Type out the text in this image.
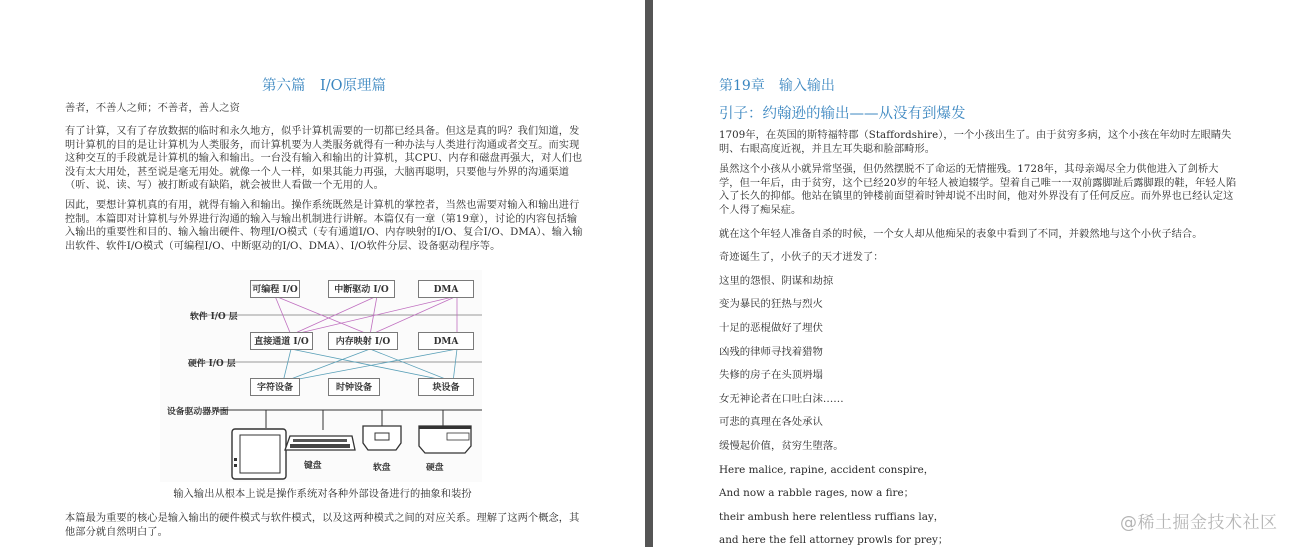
第六篇　I/O原理篇

善者，不善人之师；不善者，善人之资

有了计算，又有了存放数据的临时和永久地方，似乎计算机需要的一切都已经具备。但这是真的吗？我们知道，发明计算机的目的是让计算机为人类服务，而计算机要为人类服务就得有一种办法与人类进行沟通或者交互。而实现这种交互的手段就是计算机的输入和输出。一台没有输入和输出的计算机，其CPU、内存和磁盘再强大，对人们也没有太大用处，甚至说是毫无用处。就像一个人一样，如果其能力再强，大脑再聪明，只要他与外界的沟通渠道（听、说、读、写）被打断或有缺陷，就会被世人看做一个无用的人。

因此，要想计算机真的有用，就得有输入和输出。操作系统既然是计算机的掌控者，当然也需要对输入和输出进行控制。本篇即对计算机与外界进行沟通的输入与输出机制进行讲解。本篇仅有一章（第19章），讨论的内容包括输入输出的重要性和目的、输入输出硬件、物理I/O模式（专有通道I/O、内存映射的I/O、复合I/O、DMA）、输入输出软件、软件I/O模式（可编程I/O、中断驱动的I/O、DMA）、I/O软件分层、设备驱动程序等。

软件 I/O 层
硬件 I/O 层
设备驱动器界面
可编程 I/O	中断驱动 I/O	DMA
直接通道 I/O	内存映射 I/O	DMA
字符设备	时钟设备	块设备
键盘	软盘	硬盘
输入输出从根本上说是操作系统对各种外部设备进行的抽象和装扮

本篇最为重要的核心是输入输出的硬件模式与软件模式，以及这两种模式之间的对应关系。理解了这两个概念，其他部分就自然明白了。

第19章　输入输出
引子：约翰逊的输出——从没有到爆发

1709年，在英国的斯特福特郡（Staffordshire），一个小孩出生了。由于贫穷多病，这个小孩在年幼时左眼睛失明、右眼高度近视，并且左耳失聪和脸部畸形。

虽然这个小孩从小就异常坚强，但仍然摆脱不了命运的无情摧残。1728年，其母亲竭尽全力供他进入了剑桥大学，但一年后，由于贫穷，这个已经20岁的年轻人被迫辍学。望着自己唯一一双前露脚趾后露脚跟的鞋，年轻人陷入了长久的抑郁。他站在镇里的钟楼前面望着时钟却说不出时间，他对外界没有了任何反应。而外界也已经认定这个人得了痴呆症。

就在这个年轻人准备自杀的时候，一个女人却从他痴呆的表象中看到了不同，并毅然地与这个小伙子结合。

奇迹诞生了，小伙子的天才迸发了：

这里的怨恨、阴谋和劫掠
变为暴民的狂热与烈火
十足的恶棍做好了埋伏
凶残的律师寻找着猎物
失修的房子在头顶坍塌
女无神论者在口吐白沫……
可悲的真理在各处承认
缓慢起价值，贫穷生堕落。
Here malice, rapine, accident conspire，
And now a rabble rages, now a fire；
their ambush here relentless ruffians lay，
and here the fell attorney prowls for prey；
@稀土掘金技术社区
